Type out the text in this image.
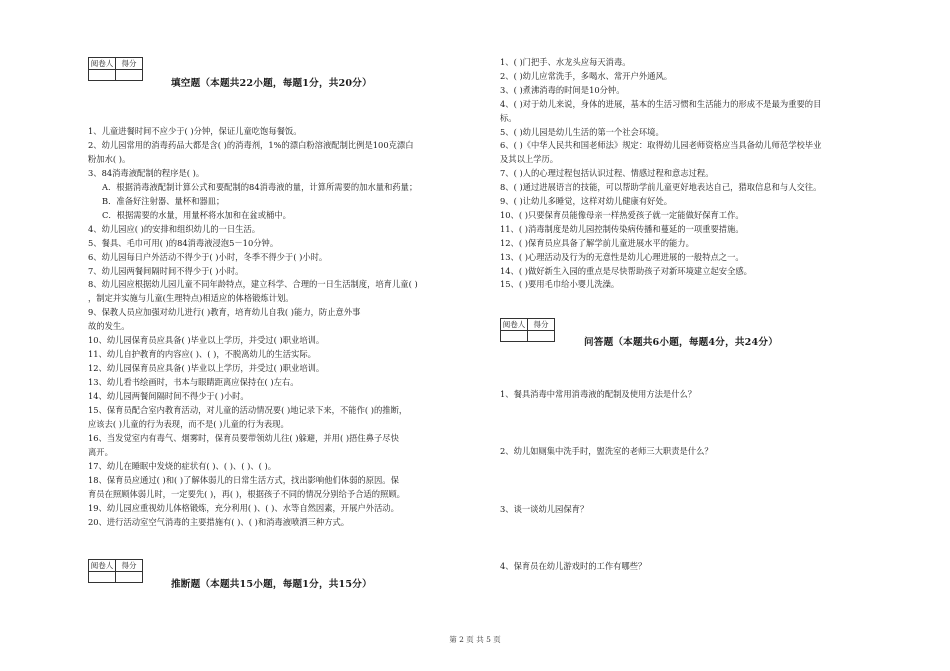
阅卷人	得分

填空题（本题共22小题，每题1分，共20分）
1、儿童进餐时间不应少于( )分钟，保证儿童吃饱每餐饭。
2、幼儿园常用的消毒药品大都是含( )的消毒剂，1%的漂白粉溶液配制比例是100克漂白
粉加水( )。
3、84消毒液配制的程序是( )。
A．根据消毒液配制计算公式和要配制的84消毒液的量，计算所需要的加水量和药量；
B．准备好注射器、量杯和器皿；
C．根据需要的水量，用量杯将水加和在盆或桶中。
4、幼儿园应( )的安排和组织幼儿的一日生活。
5、餐具、毛巾可用( )的84消毒液浸泡5－10分钟。
6、幼儿园每日户外活动不得少于( )小时，冬季不得少于( )小时。
7、幼儿园两餐间隔时间不得少于( )小时。
8、幼儿园应根据幼儿园儿童不同年龄特点，建立科学、合理的一日生活制度，培育儿童( )
，制定并实施与儿童(生理特点)相适应的体格锻炼计划。
9、保教人员应加强对幼儿进行( )教育，培育幼儿自我( )能力，防止意外事
故的发生。
10、幼儿园保育员应具备( )毕业以上学历，并受过( )职业培训。
11、幼儿自护教育的内容应( )、( )，不脱离幼儿的生活实际。
12、幼儿园保育员应具备( )毕业以上学历，并受过( )职业培训。
13、幼儿看书绘画时，书本与眼睛距离应保持在( )左右。
14、幼儿园两餐间隔时间不得少于( )小时。
15、保育员配合室内教育活动，对儿童的活动情况要( )地记录下来，不能作( )的推断，
应该去( )儿童的行为表现，而不是( )儿童的行为表现。
16、当发觉室内有毒气、烟雾时，保育员要带领幼儿往( )躲避，并用( )捂住鼻子尽快
离开。
17、幼儿在睡眠中发烧的症状有( )、( )、( )、( )。
18、保育员应通过( )和( )了解体弱儿的日常生活方式，找出影响他们体弱的原因。保
育员在照顾体弱儿时，一定要先( )，再( )，根据孩子不同的情况分别给予合适的照顾。
19、幼儿园应重视幼儿体格锻炼，充分利用( )、( )、水等自然因素，开展户外活动。
20、进行活动室空气消毒的主要措施有( )、( )和消毒液喷洒三种方式。
阅卷人	得分

推断题（本题共15小题，每题1分，共15分）
1、( )门把手、水龙头应每天消毒。
2、( )幼儿应常洗手，多喝水、常开户外通风。
3、( )煮沸消毒的时间是10分钟。
4、( )对于幼儿来说，身体的进展，基本的生活习惯和生活能力的形成不是最为重要的目
标。
5、( )幼儿园是幼儿生活的第一个社会环境。
6、( )《中华人民共和国老师法》规定：取得幼儿园老师资格应当具备幼儿师范学校毕业
及其以上学历。
7、( )人的心理过程包括认识过程、情感过程和意志过程。
8、( )通过进展语言的技能，可以帮助学前儿童更好地表达自己，猎取信息和与人交往。
9、( )让幼儿多睡觉，这样对幼儿健康有好处。
10、( )只要保育员能像母亲一样热爱孩子就一定能做好保育工作。
11、( )消毒制度是幼儿园控制传染病传播和蔓延的一项重要措施。
12、( )保育员应具备了解学前儿童进展水平的能力。
13、( )心理活动及行为的无意性是幼儿心理进展的一般特点之一。
14、( )做好新生入园的重点是尽快帮助孩子对新环境建立起安全感。
15、( )要用毛巾给小婴儿洗澡。
阅卷人	得分

问答题（本题共6小题，每题4分，共24分）
1、餐具消毒中常用消毒液的配制及使用方法是什么？
2、幼儿如厕集中洗手时，盥洗室的老师三大职责是什么？
3、谈一谈幼儿园保育？
4、保育员在幼儿游戏时的工作有哪些？
第 2 页 共 5 页
